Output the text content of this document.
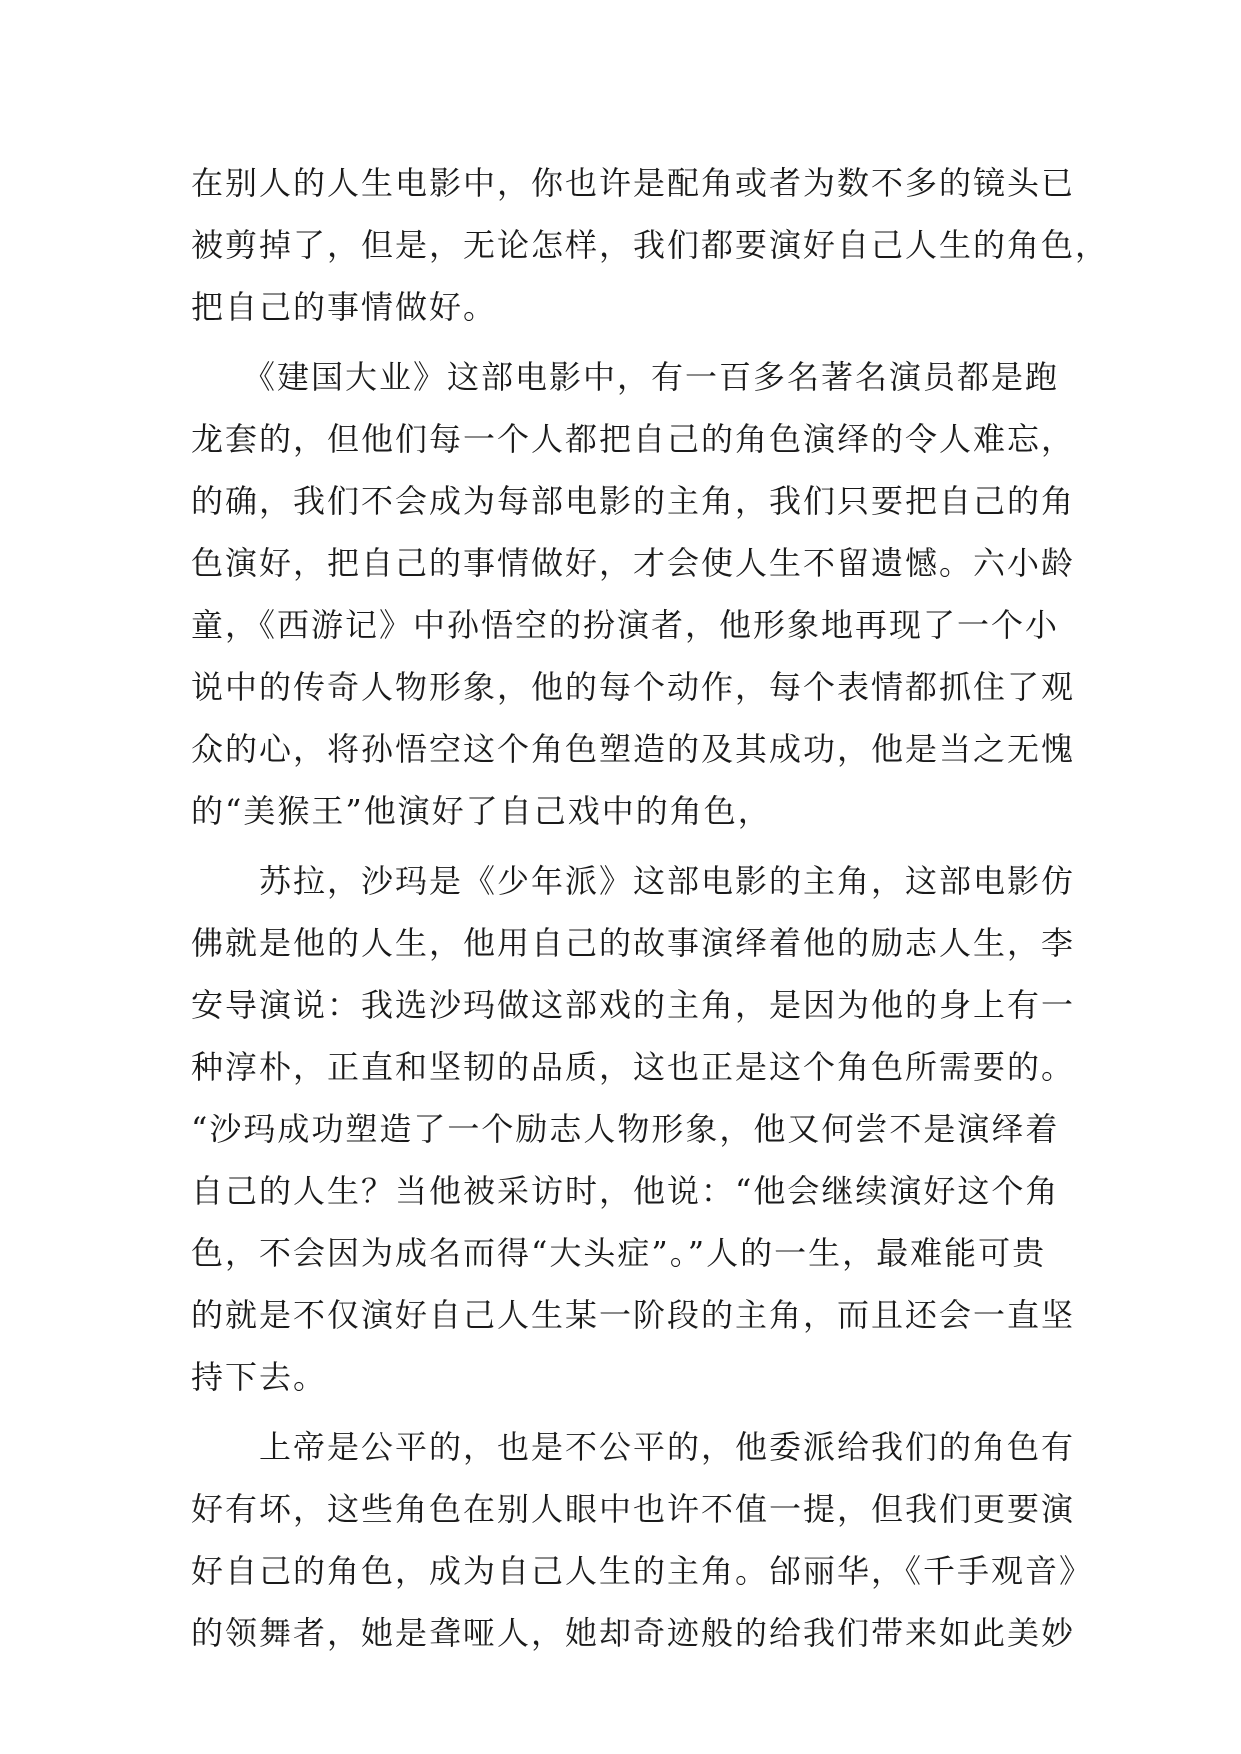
在别人的人生电影中，你也许是配角或者为数不多的镜头已
被剪掉了，但是，无论怎样，我们都要演好自己人生的角色，
把自己的事情做好。
　　《建国大业》这部电影中，有一百多名著名演员都是跑
龙套的，但他们每一个人都把自己的角色演绎的令人难忘，
的确，我们不会成为每部电影的主角，我们只要把自己的角
色演好，把自己的事情做好，才会使人生不留遗憾。六小龄
童，《西游记》中孙悟空的扮演者，他形象地再现了一个小
说中的传奇人物形象，他的每个动作，每个表情都抓住了观
众的心，将孙悟空这个角色塑造的及其成功，他是当之无愧
的“美猴王”他演好了自己戏中的角色，
　　苏拉，沙玛是《少年派》这部电影的主角，这部电影仿
佛就是他的人生，他用自己的故事演绎着他的励志人生，李
安导演说：我选沙玛做这部戏的主角，是因为他的身上有一
种淳朴，正直和坚韧的品质，这也正是这个角色所需要的。
“沙玛成功塑造了一个励志人物形象，他又何尝不是演绎着
自己的人生？当他被采访时，他说：“他会继续演好这个角
色，不会因为成名而得“大头症”。”人的一生，最难能可贵
的就是不仅演好自己人生某一阶段的主角，而且还会一直坚
持下去。
　　上帝是公平的，也是不公平的，他委派给我们的角色有
好有坏，这些角色在别人眼中也许不值一提，但我们更要演
好自己的角色，成为自己人生的主角。邰丽华，《千手观音》
的领舞者，她是聋哑人，她却奇迹般的给我们带来如此美妙
